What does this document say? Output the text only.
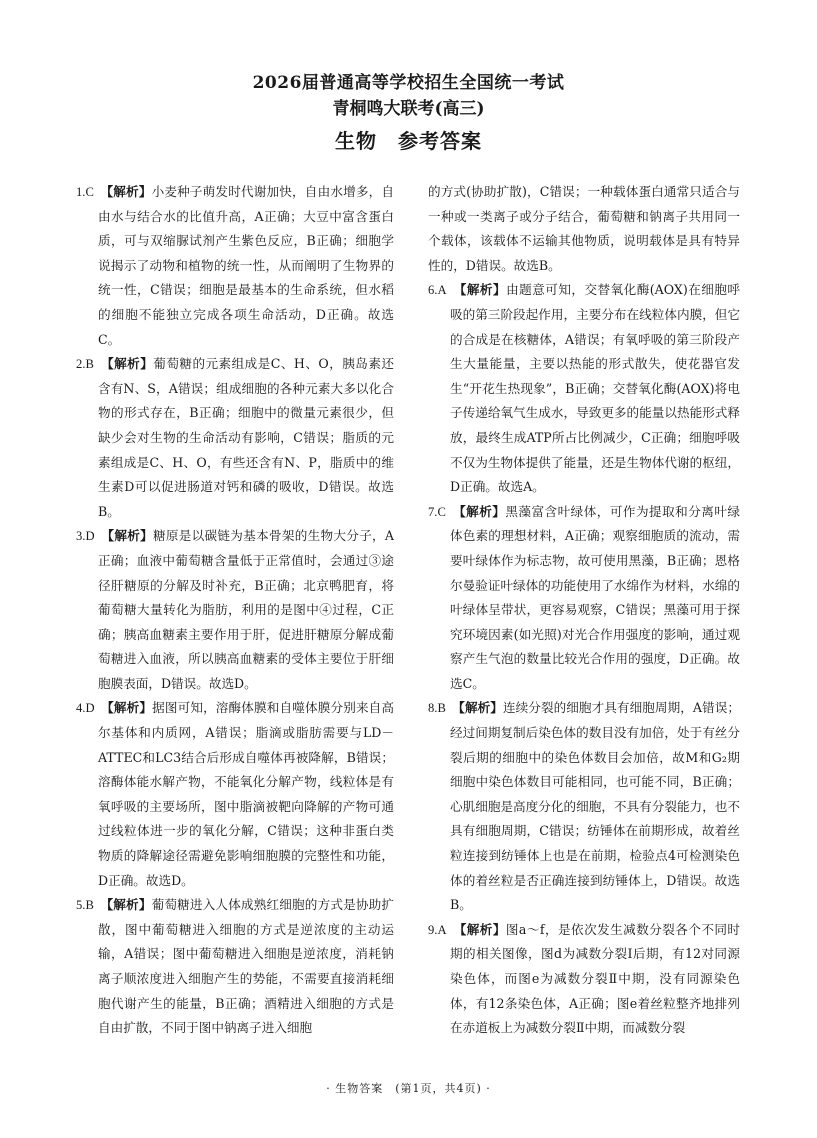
2026届普通高等学校招生全国统一考试
青桐鸣大联考(高三)
生物　参考答案

1.C　 【解析】小麦种子萌发时代谢加快，自由水增多，自由水与结合水的比值升高，A正确；大豆中富含蛋白质，可与双缩脲试剂产生紫色反应，B正确；细胞学说揭示了动物和植物的统一性，从而阐明了生物界的统一性，C错误；细胞是最基本的生命系统，但水稻的细胞不能独立完成各项生命活动，D正确。故选C。

2.B　 【解析】葡萄糖的元素组成是C、H、O，胰岛素还含有N、S，A错误；组成细胞的各种元素大多以化合物的形式存在，B正确；细胞中的微量元素很少，但缺少会对生物的生命活动有影响，C错误；脂质的元素组成是C、H、O，有些还含有N、P，脂质中的维生素D可以促进肠道对钙和磷的吸收，D错误。故选B。

3.D　 【解析】糖原是以碳链为基本骨架的生物大分子，A正确；血液中葡萄糖含量低于正常值时，会通过③途径肝糖原的分解及时补充，B正确；北京鸭肥育，将葡萄糖大量转化为脂肪，利用的是图中④过程，C正确；胰高血糖素主要作用于肝，促进肝糖原分解成葡萄糖进入血液，所以胰高血糖素的受体主要位于肝细胞膜表面，D错误。故选D。

4.D　 【解析】据图可知，溶酶体膜和自噬体膜分别来自高尔基体和内质网，A错误；脂滴或脂肪需要与LD－ATTEC和LC3结合后形成自噬体再被降解，B错误；溶酶体能水解产物，不能氧化分解产物，线粒体是有氧呼吸的主要场所，图中脂滴被靶向降解的产物可通过线粒体进一步的氧化分解，C错误；这种非蛋白类物质的降解途径需避免影响细胞膜的完整性和功能，D正确。故选D。

5.B　 【解析】葡萄糖进入人体成熟红细胞的方式是协助扩散，图中葡萄糖进入细胞的方式是逆浓度的主动运输，A错误；图中葡萄糖进入细胞是逆浓度，消耗钠离子顺浓度进入细胞产生的势能，不需要直接消耗细胞代谢产生的能量，B正确；酒精进入细胞的方式是自由扩散，不同于图中钠离子进入细胞

的方式(协助扩散)，C错误；一种载体蛋白通常只适合与一种或一类离子或分子结合，葡萄糖和钠离子共用同一个载体，该载体不运输其他物质，说明载体是具有特异性的，D错误。故选B。

6.A　 【解析】由题意可知，交替氧化酶(AOX)在细胞呼吸的第三阶段起作用，主要分布在线粒体内膜，但它的合成是在核糖体，A错误；有氧呼吸的第三阶段产生大量能量，主要以热能的形式散失，使花器官发生“开花生热现象”，B正确；交替氧化酶(AOX)将电子传递给氧气生成水，导致更多的能量以热能形式释放，最终生成ATP所占比例减少，C正确；细胞呼吸不仅为生物体提供了能量，还是生物体代谢的枢纽，D正确。故选A。

7.C　 【解析】黑藻富含叶绿体，可作为提取和分离叶绿体色素的理想材料，A正确；观察细胞质的流动，需要叶绿体作为标志物，故可使用黑藻，B正确；恩格尔曼验证叶绿体的功能使用了水绵作为材料，水绵的叶绿体呈带状，更容易观察，C错误；黑藻可用于探究环境因素(如光照)对光合作用强度的影响，通过观察产生气泡的数量比较光合作用的强度，D正确。故选C。

8.B　 【解析】连续分裂的细胞才具有细胞周期，A错误；经过间期复制后染色体的数目没有加倍，处于有丝分裂后期的细胞中的染色体数目会加倍，故M和G₂期细胞中染色体数目可能相同，也可能不同，B正确；心肌细胞是高度分化的细胞，不具有分裂能力，也不具有细胞周期，C错误；纺锤体在前期形成，故着丝粒连接到纺锤体上也是在前期，检验点4可检测染色体的着丝粒是否正确连接到纺锤体上，D错误。故选B。

9.A　 【解析】图a～f，是依次发生减数分裂各个不同时期的相关图像，图d为减数分裂Ⅰ后期，有12对同源染色体，而图e为减数分裂Ⅱ中期，没有同源染色体，有12条染色体，A正确；图e着丝粒整齐地排列在赤道板上为减数分裂Ⅱ中期，而减数分裂

· 生物答案　(第1页，共4页) ·
